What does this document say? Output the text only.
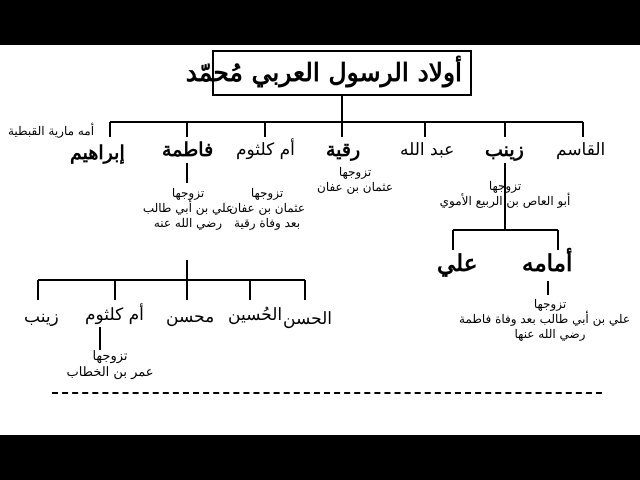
أولاد الرسول العربي مُحمّد
القاسم
زينب
عبد الله
رقية
أم كلثوم
فاطمة
إبراهيم
أمه مارية القبطية
تزوجها
أبو العاص بن الربيع الأموي
تزوجها
عثمان بن عفان
تزوجها
عثمان بن عفان
بعد وفاة رقية
تزوجها
علي بن أبي طالب
رضي الله عنه
أمامه
علي
تزوجها
علي بن أبي طالب بعد وفاة فاطمة
رضي الله عنها
الحسن
الحُسين
محسن
أم كلثوم
زينب
تزوجها
عمر بن الخطاب
